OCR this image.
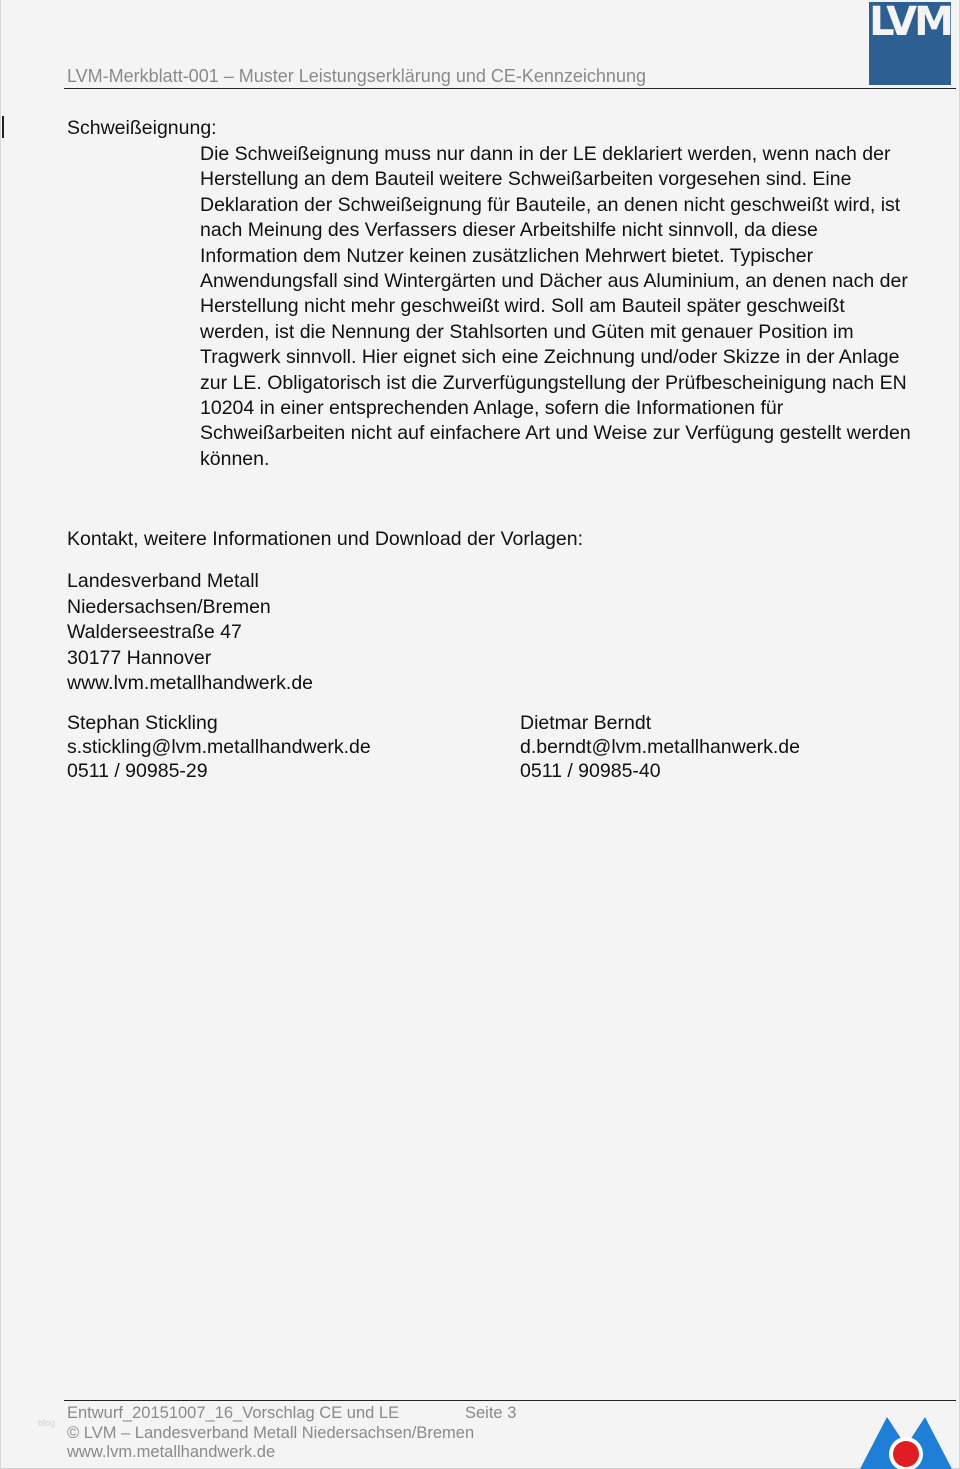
LVM
LVM-Merkblatt-001 – Muster Leistungserklärung und CE-Kennzeichnung
Schweißeignung:
Die Schweißeignung muss nur dann in der LE deklariert werden, wenn nach der
Herstellung an dem Bauteil weitere Schweißarbeiten vorgesehen sind. Eine
Deklaration der Schweißeignung für Bauteile, an denen nicht geschweißt wird, ist
nach Meinung des Verfassers dieser Arbeitshilfe nicht sinnvoll, da diese
Information dem Nutzer keinen zusätzlichen Mehrwert bietet. Typischer
Anwendungsfall sind Wintergärten und Dächer aus Aluminium, an denen nach der
Herstellung nicht mehr geschweißt wird. Soll am Bauteil später geschweißt
werden, ist die Nennung der Stahlsorten und Güten mit genauer Position im
Tragwerk sinnvoll. Hier eignet sich eine Zeichnung und/oder Skizze in der Anlage
zur LE. Obligatorisch ist die Zurverfügungstellung der Prüfbescheinigung nach EN
10204 in einer entsprechenden Anlage, sofern die Informationen für
Schweißarbeiten nicht auf einfachere Art und Weise zur Verfügung gestellt werden
können.
Kontakt, weitere Informationen und Download der Vorlagen:
Landesverband Metall
Niedersachsen/Bremen
Walderseestraße 47
30177 Hannover
www.lvm.metallhandwerk.de
Stephan Stickling
s.stickling@lvm.metallhandwerk.de
0511 / 90985-29
Dietmar Berndt
d.berndt@lvm.metallhanwerk.de
0511 / 90985-40
blog
Entwurf_20151007_16_Vorschlag CE und LE
© LVM – Landesverband Metall Niedersachsen/Bremen
www.lvm.metallhandwerk.de
Seite 3
